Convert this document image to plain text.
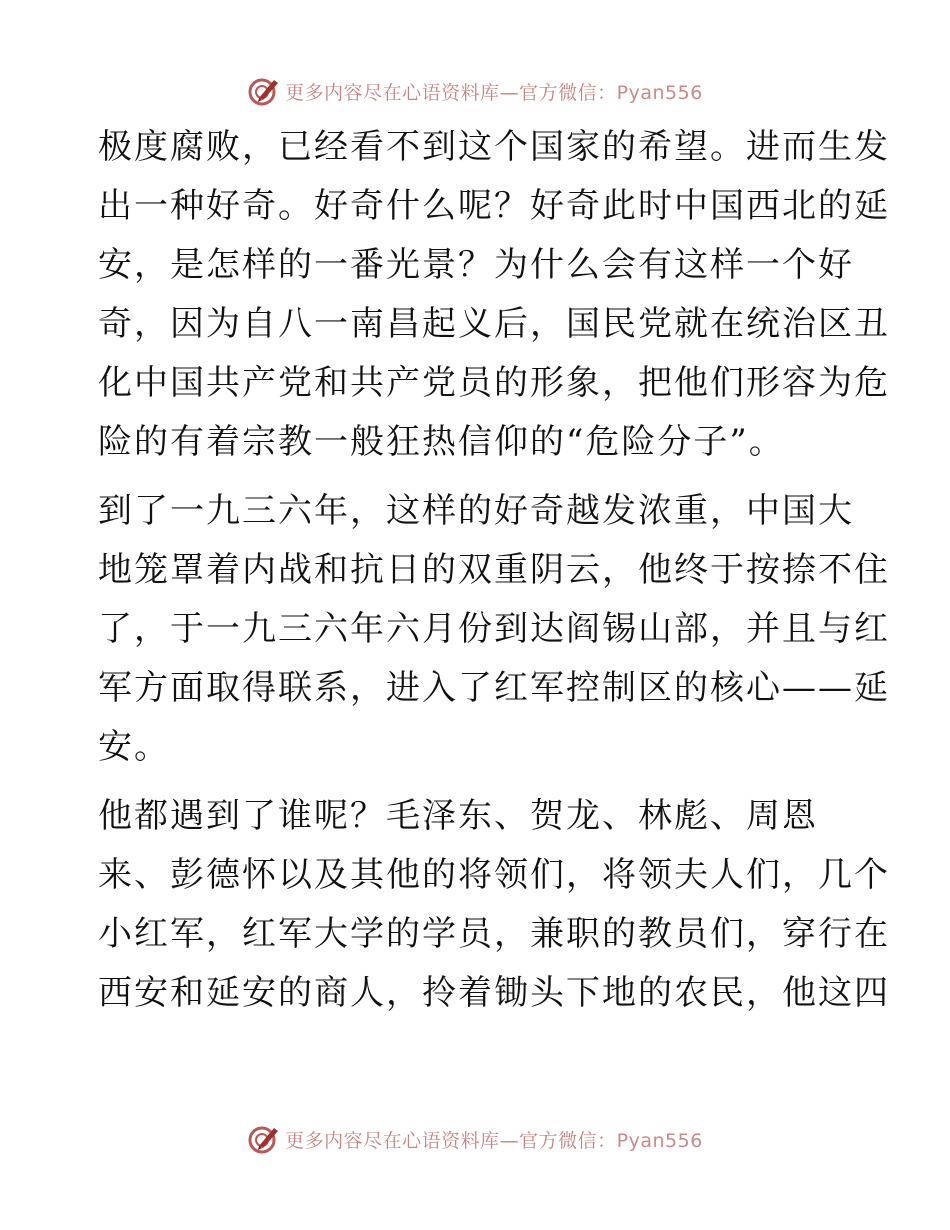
更多内容尽在心语资料库—官方微信：Pyan556

极度腐败，已经看不到这个国家的希望。进而生发
出一种好奇。好奇什么呢？好奇此时中国西北的延
安，是怎样的一番光景？为什么会有这样一个好
奇，因为自八一南昌起义后，国民党就在统治区丑
化中国共产党和共产党员的形象，把他们形容为危
险的有着宗教一般狂热信仰的“危险分子”。

到了一九三六年，这样的好奇越发浓重，中国大
地笼罩着内战和抗日的双重阴云，他终于按捺不住
了，于一九三六年六月份到达阎锡山部，并且与红
军方面取得联系，进入了红军控制区的核心——延
安。

他都遇到了谁呢？毛泽东、贺龙、林彪、周恩
来、彭德怀以及其他的将领们，将领夫人们，几个
小红军，红军大学的学员，兼职的教员们，穿行在
西安和延安的商人，拎着锄头下地的农民，他这四

更多内容尽在心语资料库—官方微信：Pyan556
